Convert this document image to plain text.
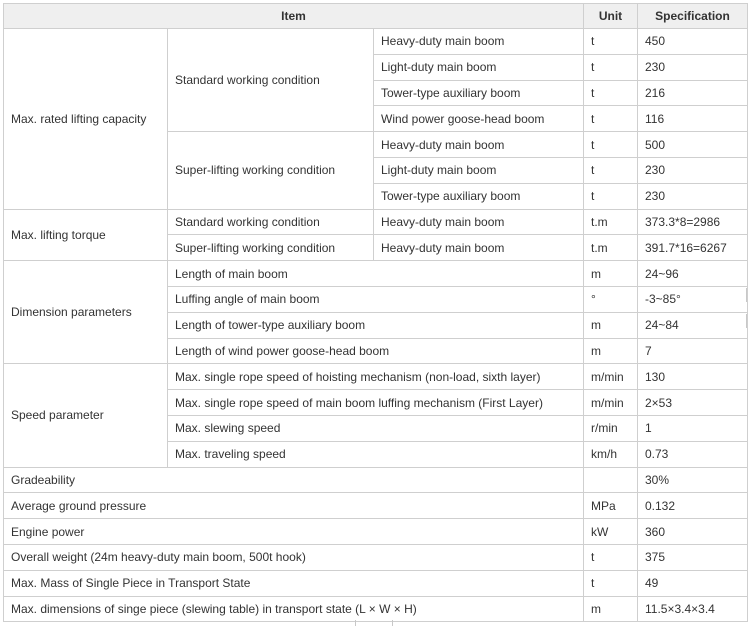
Item			Unit	Specification
Max. rated lifting capacity	Standard working condition	Heavy-duty main boom	t	450
		Light-duty main boom	t	230
		Tower-type auxiliary boom	t	216
		Wind power goose-head boom	t	116
	Super-lifting working condition	Heavy-duty main boom	t	500
		Light-duty main boom	t	230
		Tower-type auxiliary boom	t	230
Max. lifting torque	Standard working condition	Heavy-duty main boom	t.m	373.3*8=2986
	Super-lifting working condition	Heavy-duty main boom	t.m	391.7*16=6267
Dimension parameters	Length of main boom		m	24~96
	Luffing angle of main boom		°	-3~85°
	Length of tower-type auxiliary boom		m	24~84
	Length of wind power goose-head boom		m	7
Speed parameter	Max. single rope speed of hoisting mechanism (non-load, sixth layer)		m/min	130
	Max. single rope speed of main boom luffing mechanism (First Layer)		m/min	2×53
	Max. slewing speed		r/min	1
	Max. traveling speed		km/h	0.73
Gradeability				30%
Average ground pressure			MPa	0.132
Engine power			kW	360
Overall weight (24m heavy-duty main boom, 500t hook)			t	375
Max. Mass of Single Piece in Transport State			t	49
Max. dimensions of singe piece (slewing table) in transport state (L × W × H)			m	11.5×3.4×3.4
